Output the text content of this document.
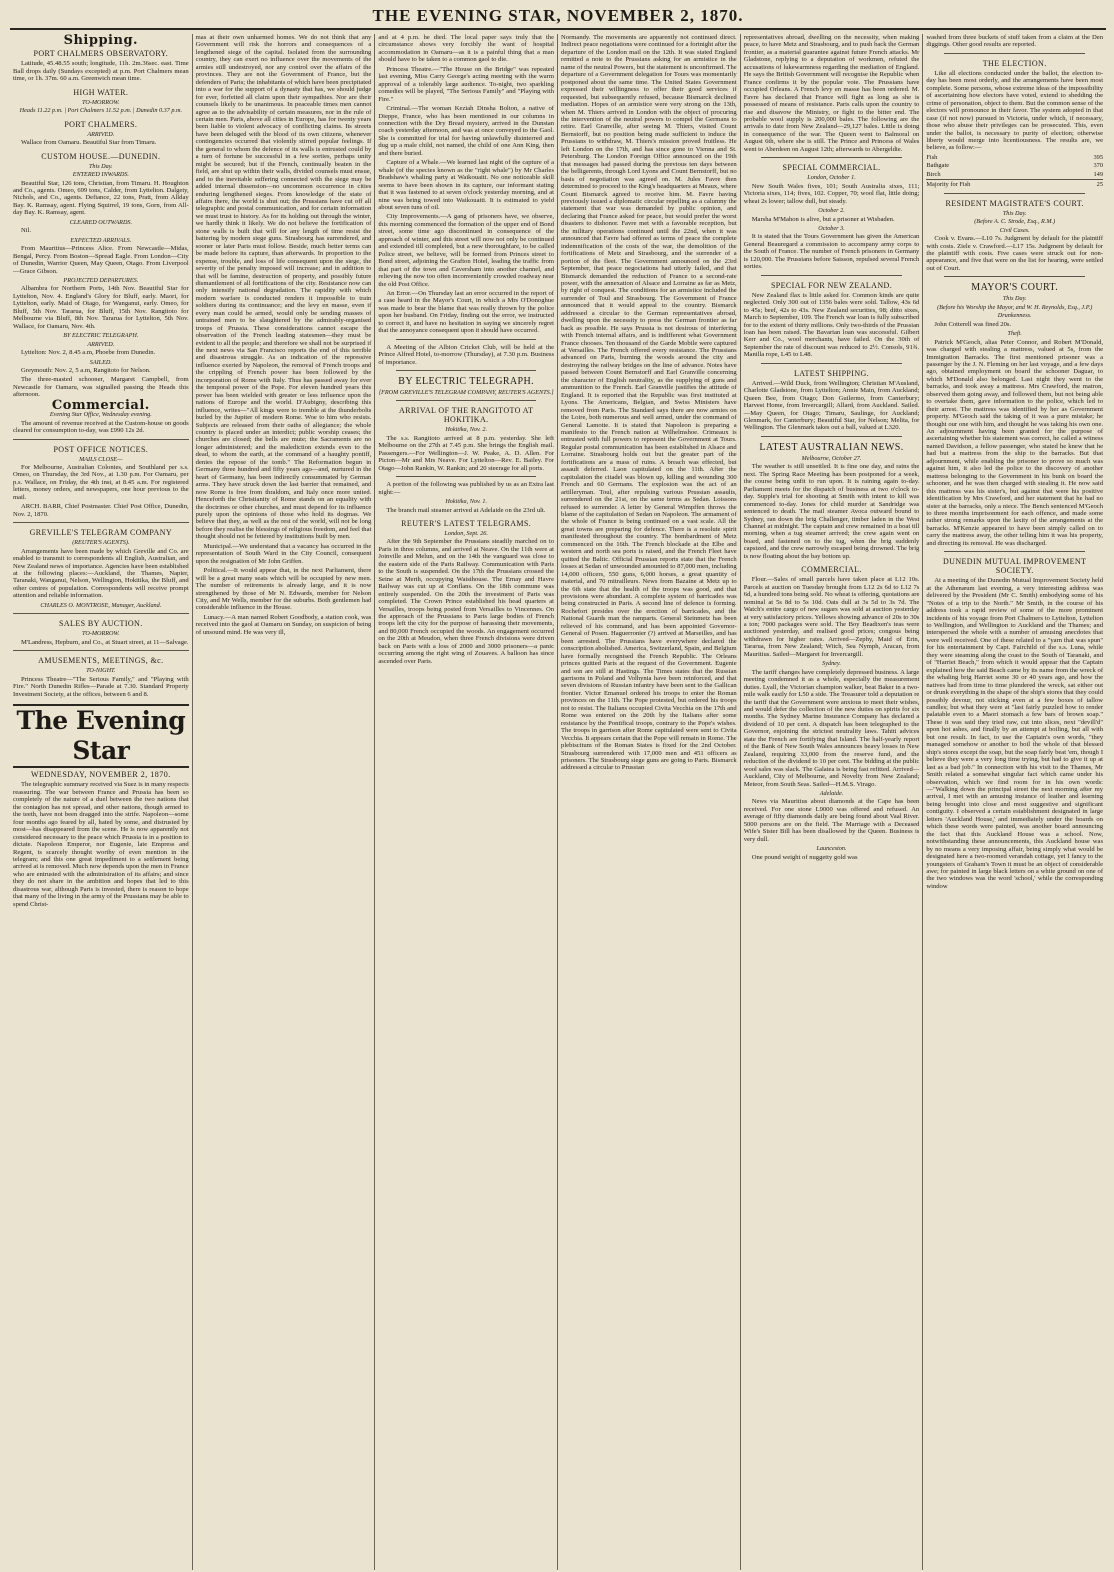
THE EVENING STAR, NOVEMBER 2, 1870.
Shipping.
PORT CHALMERS OBSERVATORY.

Latitude, 45.48.55 south; longitude, 11h. 2m.36sec. east. Time Ball drops daily (Sundays excepted) at p.m. Port Chalmers mean time, or 1h. 37m. 60 a.m. Greenwich mean time.

HIGH WATER.
TO-MORROW.
Heads 11.22 p.m. | Port Chalmers 11.52 p.m. | Dunedin 0.37 p.m.
PORT CHALMERS.
ARRIVED.

Wallace from Oamaru. Beautiful Star from Timaru.

CUSTOM HOUSE.—DUNEDIN.
This Day.
ENTERED INWARDS.

Beautiful Star, 126 tons, Christian, from Timaru. H. Houghton and Co., agents. Omeo, 699 tons, Calder, from Lyttelton. Dalgety, Nichols, and Co., agents. Defiance, 22 tons, Pratt, from Allday Bay. K. Ramsay, agent. Flying Squirrel, 19 tons, Gorn, from All-day Bay. K. Ramsay, agent.

CLEARED OUTWARDS.

Nil.

EXPECTED ARRIVALS.

From Mauritius—Princess Alice. From Newcastle—Midas, Bengal, Percy. From Boston—Spread Eagle. From London—City of Dunedin, Warrior Queen, May Queen, Otago. From Liverpool—Grace Gibson.

PROJECTED DEPARTURES.

Albambra for Northern Ports, 14th Nov. Beautiful Star for Lyttelton, Nov. 4. England's Glory for Bluff, early. Maori, for Lyttelton, early. Maid of Otago, for Wanganui, early. Omeo, for Bluff, 5th Nov. Tararua, for Bluff, 15th Nov. Rangitoto for Melbourne via Bluff, 8th Nov. Tararua for Lyttelton, 5th Nov. Wallace, for Oamaru, Nov. 4th.

BY ELECTRIC TELEGRAPH.
ARRIVED.

Lyttelton: Nov. 2, 8.45 a.m, Phoebe from Dunedin.

SAILED.

Greymouth: Nov. 2, 5 a.m, Rangitoto for Nelson.

The three-masted schooner, Margaret Campbell, from Newcastle for Oamaru, was signalled passing the Heads this afternoon.

Commercial.
Evening Star Office, Wednesday evening.

The amount of revenue received at the Custom-house on goods cleared for consumption to-day, was £990 12s 2d.

POST OFFICE NOTICES.
MAILS CLOSE—

For Melbourne, Australian Colonies, and Southland per s.s. Omeo, on Thursday, the 3rd Nov., at 1.30 p.m. For Oamaru, per p.s. Wallace, on Friday, the 4th inst, at 8.45 a.m. For registered letters, money orders, and newspapers, one hour previous to the mail.

ARCH. BARR, Chief Postmaster. Chief Post Office, Dunedin, Nov. 2, 1870.

GREVILLE'S TELEGRAM COMPANY
(REUTER'S AGENTS).

Arrangements have been made by which Greville and Co. are enabled to transmit to correspondents all English, Australian, and New Zealand news of importance. Agencies have been established at the following places:—Auckland, the Thames, Napier, Taranaki, Wanganui, Nelson, Wellington, Hokitika, the Bluff, and other centres of population. Correspondents will receive prompt attention and reliable information.

CHARLES O. MONTROSE, Manager, Auckland.
SALES BY AUCTION.
TO-MORROW.

M'Landress, Hepburn, and Co., at Stuart street, at 11—Salvage.

AMUSEMENTS, MEETINGS, &c.
TO-NIGHT.

Princess Theatre—"The Serious Family," and "Playing with Fire." North Dunedin Rifles—Parade at 7.30. Standard Property Investment Society, at the offices, between 6 and 8.

The Evening Star
WEDNESDAY, NOVEMBER 2, 1870.

The telegraphic summary received via Suez is in many respects reassuring. The war between France and Prussia has been so completely of the nature of a duel between the two nations that the contagion has not spread, and other nations, though armed to the teeth, have not been dragged into the strife. Napoleon—some four months ago feared by all, hated by some, and distrusted by most—has disappeared from the scene. He is now apparently not considered necessary to the peace which Prussia is in a position to dictate. Napoleon Emperor, nor Eugenie, late Empress and Regent, is scarcely thought worthy of even mention in the telegram; and this one great impediment to a settlement being arrived at is removed. Much now depends upon the men in France who are entrusted with the administration of its affairs; and since they do not share in the ambition and hopes that led to this disastrous war, although Paris is invested, there is reason to hope that many of the living in the army of the Prussians may be able to spend Christ-

mas at their own unharmed homes. We do not think that any Government will risk the horrors and consequences of a lengthened siege of the capital. Isolated from the surrounding country, they can exert no influence over the movements of the armies still undestroyed, nor any control over the affairs of the provinces. They are not the Government of France, but the defenders of Paris; the inhabitants of which have been precipitated into a war for the support of a dynasty that has, we should judge for ever, forfeited all claim upon their sympathies. Nor are their counsels likely to be unanimous. In peaceable times men cannot agree as to the advisability of certain measures, nor in the rule of certain men. Paris, above all cities in Europe, has for twenty years been liable to violent advocacy of conflicting claims. Its streets have been deluged with the blood of its own citizens, whenever contingencies occurred that violently stirred popular feelings. If the general to whom the defence of its walls is entrusted could by a turn of fortune be successful in a few sorties, perhaps unity might be secured; but if the French, continually beaten in the field, are shut up within their walls, divided counsels must ensue, and to the inevitable suffering connected with the siege may be added internal dissension—no uncommon occurrence in cities enduring lengthened sieges. From knowledge of the state of affairs there, the world is shut out; the Prussians have cut off all telegraphic and postal communication, and for certain information we must trust to history. As for its holding out through the winter, we hardly think it likely. We do not believe the fortification of stone walls is built that will for any length of time resist the battering by modern siege guns. Strasbourg has surrendered, and sooner or later Paris must follow. Beside, much better terms can be made before its capture, than afterwards. In proportion to the expense, trouble, and loss of life consequent upon the siege, the severity of the penalty imposed will increase; and in addition to that will be famine, destruction of property, and possibly future dismantlement of all fortifications of the city. Resistance now can only intensify national degradation. The rapidity with which modern warfare is conducted renders it impossible to train soldiers during its continuance; and the levy en masse, even if every man could be armed, would only be sending masses of untrained men to be slaughtered by the admirably-organised troops of Prussia. These considerations cannot escape the observation of the French leading statesmen—they must be evident to all the people; and therefore we shall not be surprised if the next news via San Francisco reports the end of this terrible and disastrous struggle. As an indication of the repressive influence exerted by Napoleon, the removal of French troops and the crippling of French power has been followed by the incorporation of Rome with Italy. Thus has passed away for ever the temporal power of the Pope. For eleven hundred years this power has been wielded with greater or less influence upon the nations of Europe and the world. D'Aubigny, describing this influence, writes—"All kings were to tremble at the thunderbolts hurled by the Jupiter of modern Rome. Woe to him who resists. Subjects are released from their oaths of allegiance; the whole country is placed under an interdict; public worship ceases; the churches are closed; the bells are mute; the Sacraments are no longer administered; and the malediction extends even to the dead, to whom the earth, at the command of a haughty pontiff, denies the repose of the tomb." The Reformation begun in Germany three hundred and fifty years ago—and, nurtured in the heart of Germany, has been indirectly consummated by German arms. They have struck down the last barrier that remained, and now Rome is free from thraldom, and Italy once more united. Henceforth the Christianity of Rome stands on an equality with the doctrines or other churches, and must depend for its influence purely upon the opinions of those who hold its dogmas. We believe that they, as well as the rest of the world, will not be long before they realise the blessings of religious freedom, and feel that thought should not be fettered by institutions built by men.

Municipal.—We understand that a vacancy has occurred in the representation of South Ward in the City Council, consequent upon the resignation of Mr John Griffen.

Political.—It would appear that, in the next Parliament, there will be a great many seats which will be occupied by new men. The number of retirements is already large, and it is now strengthened by those of Mr N. Edwards, member for Nelson City, and Mr Wells, member for the suburbs. Both gentlemen had considerable influence in the House.

Lunacy.—A man named Robert Goodbody, a station cook, was received into the gaol at Oamaru on Sunday, on suspicion of being of unsound mind. He was very ill,

and at 4 p.m. he died. The local paper says truly that the circumstance shows very forcibly the want of hospital accommodation in Oamaru—as it is a painful thing that a man should have to be taken to a common gaol to die.

Princess Theatre.—"The House on the Bridge" was repeated last evening, Miss Carry George's acting meeting with the warm approval of a tolerably large audience. To-night, two sparkling comedies will be played, "The Serious Family" and "Playing with Fire."

Criminal.—The woman Keziah Dinsha Bolton, a native of Dieppe, France, who has been mentioned in our columns in connection with the Dry Bread mystery, arrived in the Dunstan coach yesterday afternoon, and was at once conveyed to the Gaol. She is committed for trial for having unlawfully disinterred and dug up a male child, not named, the child of one Ann King, then and there buried.

Capture of a Whale.—We learned last night of the capture of a whale (of the species known as the "right whale") by Mr Charles Bradshaw's whaling party at Waikouaiti. No one noticeable skill seems to have been shown in its capture, our informant stating that it was fastened to at seven o'clock yesterday morning, and at nine was being towed into Waikouaiti. It is estimated to yield about seven tuns of oil.

City Improvements.—A gang of prisoners have, we observe, this morning commenced the formation of the upper end of Bond street, some time ago discontinued in consequence of the approach of winter, and this street will now not only be continued and extended till completed, but a new thoroughfare, to be called Police street, we believe, will be formed from Princes street to Bond street, adjoining the Grafton Hotel, leading the traffic from that part of the town and Caversham into another channel, and relieving the now too often inconveniently crowded roadway near the old Post Office.

An Error.—On Thursday last an error occurred in the report of a case heard in the Mayor's Court, in which a Mrs O'Donoghue was made to bear the blame that was really thrown by the police upon her husband. On Friday, finding out the error, we instructed to correct it, and have no hesitation in saying we sincerely regret that the annoyance consequent upon it should have occurred.

A Meeting of the Albion Cricket Club, will be held at the Prince Alfred Hotel, to-morrow (Thursday), at 7.30 p.m. Business of importance.

BY ELECTRIC TELEGRAPH.
[FROM GREVILLE'S TELEGRAM COMPANY, REUTER'S AGENTS.]
ARRIVAL OF THE RANGITOTO AT HOKITIKA.
Hokitika, Nov. 2.

The s.s. Rangitoto arrived at 8 p.m. yesterday. She left Melbourne on the 27th at 7.45 p.m. She brings the English mail. Passengers.—For Wellington—J. W. Peake, A. D. Allen. For Picton—Mr and Mrs Neave. For Lyttelton—Rev. E. Bailey. For Otago—John Rankin, W. Rankin; and 20 steerage for all ports.

A portion of the following was published by us as an Extra last night:—

Hokitika, Nov. 1.

The branch mail steamer arrived at Adelaide on the 23rd ult.

REUTER'S LATEST TELEGRAMS.
London, Sept. 26.

After the 9th September the Prussians steadily marched on to Paris in three columns, and arrived at Neave. On the 11th were at Joinville and Melun, and on the 14th the vanguard was close to the eastern side of the Paris Railway. Communication with Paris to the South is suspended. On the 17th the Prussians crossed the Seine at Merth, occupying Waisthouse. The Ernay and Havre Railway was cut up at Conflans. On the 18th commune was entirely suspended. On the 20th the investment of Paris was completed. The Crown Prince established his head quarters at Versailles, troops being posted from Versailles to Vincennes. On the approach of the Prussians to Paris large bodies of French troops left the city for the purpose of harassing their movements, and 80,000 French occupied the woods. An engagement occurred on the 20th at Meudon, when three French divisions were driven back on Paris with a loss of 2000 and 3000 prisoners—a panic occurring among the right wing of Zouaves. A balloon has since ascended over Paris.

Normandy. The movements are apparently not continued direct. Indirect peace negotiations were continued for a fortnight after the departure of the London mail on the 12th. It was stated England remitted a note to the Prussians asking for an armistice in the name of the neutral Powers, but the statement is unconfirmed. The departure of a Government delegation for Tours was momentarily postponed about the same time. The United States Government expressed their willingness to offer their good services if requested, but subsequently refused, because Bismarck declined mediation. Hopes of an armistice were very strong on the 13th, when M. Thiers arrived in London with the object of procuring the intervention of the neutral powers to compel the Germans to retire. Earl Granville, after seeing M. Thiers, visited Count Bernstorff, but no position being made sufficient to induce the Prussians to withdraw, M. Thiers's mission proved fruitless. He left London on the 17th, and has since gone to Vienna and St. Petersburg. The London Foreign Office announced on the 19th that messages had passed during the previous ten days between the belligerents, through Lord Lyons and Count Bernstorff, but no basis of negotiation was agreed on. M. Jules Favre then determined to proceed to the King's headquarters at Meaux, where Count Bismarck agreed to receive him. M. Favre having previously issued a diplomatic circular repelling as a calumny the statement that war was demanded by public opinion, and declaring that France asked for peace, but would prefer the worst disasters to dishonor. Favre met with a favorable reception, but the military operations continued until the 22nd, when it was announced that Favre had offered as terms of peace the complete indemnification of the costs of the war, the demolition of the fortifications of Metz and Strasbourg, and the surrender of a portion of the fleet. The Government announced on the 23rd September, that peace negociations had utterly failed, and that Bismarck demanded the reduction of France to a second-rate power, with the annexation of Alsace and Lorraine as far as Metz, by right of conquest. The conditions for an armistice included the surrender of Toul and Strasbourg. The Government of France announced that it would appeal to the country. Bismarck addressed a circular to the German representatives abroad, dwelling upon the necessity to press the German frontier as far back as possible. He says Prussia is not desirous of interfering with French internal affairs, and is indifferent what Government France chooses. Ten thousand of the Garde Mobile were captured at Versailles. The French offered every resistance. The Prussians advanced on Paris, burning the woods around the city and destroying the railway bridges on the line of advance. Notes have passed between Count Bernstorff and Earl Granville concerning the character of English neutrality, as the supplying of guns and ammunition to the French. Earl Granville justifies the attitude of England. It is reported that the Republic was first instituted at Lyons. The Americans, Belgian, and Swiss Ministers have removed from Paris. The Standard says there are now armies on the Loire, both numerous and well armed, under the command of General Lamotte. It is stated that Napoleon is preparing a manifesto to the French nation at Wilhelmshoe. Crimeaux is entrusted with full powers to represent the Government at Tours. Regular postal communication has been established in Alsace and Lorraine. Strasbourg holds out but the greater part of the fortifications are a mass of ruins. A breach was effected, but assault deferred. Laon capitulated on the 11th. After the capitulation the citadel was blown up, killing and wounding 300 French and 60 Germans. The explosion was the act of an artilleryman. Toul, after repulsing various Prussian assaults, surrendered on the 21st, on the same terms as Sedan. Loissons refused to surrender. A letter by General Wimpffen throws the blame of the capitulation of Sedan on Napoleon. The armament of the whole of France is being continued on a vast scale. All the great towns are preparing for defence. There is a resolute spirit manifested throughout the country. The bombardment of Metz commenced on the 16th. The French blockade at the Elbe and western and north sea ports is raised, and the French Fleet have quitted the Baltic. Official Prussian reports state that the French losses at Sedan of unwounded amounted to 87,000 men, including 14,000 officers, 550 guns, 6,000 horses, a great quantity of material, and 70 mitrailleurs. News from Bazaine at Metz up to the 6th state that the health of the troops was good, and that provisions were abundant. A complete system of barricades was being constructed in Paris. A second line of defence is forming. Rochefort presides over the erection of barricades, and the National Guards man the ramparts. General Steinmetz has been relieved of his command, and has been appointed Governor-General of Posen. Haguerronier (?) arrived at Marseilles, and has been arrested. The Prussians have everywhere declared the conscription abolished. America, Switzerland, Spain, and Belgium have formally recognised the French Republic. The Orleans princes quitted Paris at the request of the Government. Eugenie and son are still at Hastings. The Times states that the Russian garrisons in Poland and Volhynia have been reinforced, and that seven divisions of Russian infantry have been sent to the Gallican frontier. Victor Emanuel ordered his troops to enter the Roman provinces on the 11th. The Pope protested, but ordered his troops not to resist. The Italians occupied Civita Vecchia on the 17th and Rome was entered on the 20th by the Italians after some resistance by the Pontifical troops, contrary to the Pope's wishes. The troops in garrison after Rome capitulated were sent to Civita Vecchia. It appears certain that the Pope will remain in Rome. The plebiscitum of the Roman States is fixed for the 2nd October. Strasbourg surrendered with 17,000 men and 451 officers as prisoners. The Strasbourg siege guns are going to Paris. Bismarck addressed a circular to Prussian

representatives abroad, dwelling on the necessity, when making peace, to have Metz and Strasbourg, and to push back the German frontier, as a material guarantee against future French attacks. Mr Gladstone, replying to a deputation of workmen, refuted the accusations of lukewarmness regarding the mediation of England. He says the British Government will recognise the Republic when France confirms it by the popular vote. The Prussians have occupied Orleans. A French levy en masse has been ordered. M. Favre has declared that France will fight as long as she is possessed of means of resistance. Paris calls upon the country to rise and disavow the Ministry, or fight to the bitter end. The probable wool supply is 200,000 bales. The following are the arrivals to date from New Zealand—29,127 bales. Little is doing in consequence of the war. The Queen went to Balmoral on August 6th, where she is still. The Prince and Princess of Wales went to Aberdeen on August 12th; afterwards to Abergeldie.

SPECIAL COMMERCIAL.
London, October 1.

New South Wales fives, 101; South Australia sixes, 111; Victoria sixes, 114; fives, 102. Copper, 70; wool flat, little doing; wheat 2s lower; tallow dull, but steady.

October 2.

Marsha M'Mahon is alive, but a prisoner at Wisbaden.

October 3.

It is stated that the Tours Government has given the American General Beauregard a commission to accompany army corps to the South of France. The number of French prisoners in Germany is 120,000. The Prussians before Saisson, repulsed several French sorties.

SPECIAL FOR NEW ZEALAND.

New Zealand flax is little asked for. Common kinds are quite neglected. Only 300 out of 1356 bales were sold. Tallow, 43s 6d to 45s; beef, 42s to 43s. New Zealand securities, 98; ditto sixes, March to September, 109. The French war loan is fully subscribed for to the extent of thirty millions. Only two-thirds of the Prussian loan has been raised. The Bavarian loan was successful. Gilbert Kerr and Co., wool merchants, have failed. On the 30th of September the rate of discount was reduced to 2½. Consols, 91¾. Manilla rope, L45 to L48.

LATEST SHIPPING.

Arrived.—Wild Duck, from Wellington; Christian M'Ausland, Charlotte Gladstone, from Lyttelton; Annie Main, from Auckland; Queen Bee, from Otago; Don Guilermo, from Canterbury; Harvest Home, from Invercargill; Allard, from Auckland. Sailed.—May Queen, for Otago; Timaru, Saulinge, for Auckland; Glenmark, for Canterbury; Beautiful Star, for Nelson; Melita, for Wellington. The Glenmark takes out a ball, valued at L320.

LATEST AUSTRALIAN NEWS.
Melbourne, October 27.

The weather is still unsettled. It is fine one day, and rains the next. The Spring Race Meeting has been postponed for a week, the course being unfit to run upon. It is raining again to-day. Parliament meets for the dispatch of business at two o'clock to-day. Supple's trial for shooting at Smith with intent to kill was commenced to-day. Jones for child murder at Sandridge was sentenced to death. The mail steamer Avoca outward bound to Sydney, ran down the brig Challenger, timber laden in the West Channel at midnight. The captain and crew remained in a boat till morning, when a tug steamer arrived; the crew again went on board, and fastened on to the tug, when the brig suddenly capsized, and the crew narrowly escaped being drowned. The brig is now floating about the bay bottom up.

COMMERCIAL.

Flour.—Sales of small parcels have taken place at L12 10s. Parcels at auction on Tuesday brought from L12 2s 6d to L12 7s 6d, a hundred tons being sold. No wheat is offering, quotations are nominal at 5s 8d to 5s 10d. Oats dull at 3s 5d to 3s 7d. The Watch's entire cargo of new sugars was sold at auction yesterday at very satisfactory prices. Yellows showing advance of 20s to 30s a ton; 7000 packages were sold. The Boy Beadixen's teas were auctioned yesterday, and realised good prices; congous being withdrawn for higher rates. Arrived—Zephy, Maid of Erin, Tararua, from New Zealand; Witch, Sea Nymph, Aracan, from Mauritius. Sailed—Margaret for Invercargill.

Sydney.

The tariff changes have completely depressed business. A large meeting condemned it as a whole, especially the measurement duties. Lyall, the Victorian champion walker, beat Baker in a two-mile walk easily for L50 a side. The Treasurer told a deputation re the tariff that the Government were anxious to meet their wishes, and would defer the collection of the new duties on spirits for six months. The Sydney Marine Insurance Company has declared a dividend of 10 per cent. A dispatch has been telegraphed to the Governor, enjoining the strictest neutrality laws. Tahiti advices state the French are fortifying that Island. The half-yearly report of the Bank of New South Wales announces heavy losses in New Zealand, requiring 33,000 from the reserve fund, and the reduction of the dividend to 10 per cent. The bidding at the public wool sales was slack. The Galatea is being fast refitted. Arrived—Auckland, City of Melbourne, and Novelty from New Zealand; Meteor, from South Seas. Sailed—H.M.S. Virago.

Adelaide.

News via Mauritius about diamonds at the Cape has been received. For one stone L9000 was offered and refused. An average of fifty diamonds daily are being found about Vaal River. 5000 persons are on the field. The Marriage with a Deceased Wife's Sister Bill has been disallowed by the Queen. Business is very dull.

Launceston.

One pound weight of nuggetty gold was

washed from three buckets of stuff taken from a claim at the Den diggings. Other good results are reported.

THE ELECTION.

Like all elections conducted under the ballot, the election to-day has been most orderly, and the arrangements have been most complete. Some persons, whose extreme ideas of the impossibility of ascertaining how electors have voted, extend to shedding the crime of personation, object to them. But the common sense of the electors will pronounce in their favor. The system adopted in that case (if not now) pursued in Victoria, under which, if necessary, those who abuse their privileges can be prosecuted. This, even under the ballot, is necessary to purity of election; otherwise liberty would merge into licentiousness. The results are, we believe, as follow:—

Fish	395
Bathgate	370
Birch	149
Majority for Fish	25
RESIDENT MAGISTRATE'S COURT.
This Day.
(Before A. C. Strode, Esq., R.M.)
Civil Cases.

Cook v. Evans.—L10 7s. Judgment by default for the plaintiff with costs. Ziele v. Crawford.—L17 15s. Judgment by default for the plaintiff with costs. Five cases were struck out for non-appearance, and five that were on the list for hearing, were settled out of Court.

MAYOR'S COURT.
This Day.
(Before his Worship the Mayor, and W. H. Reynolds, Esq., J.P.)
Drunkenness.

John Cotterell was fined 20s.

Theft.

Patrick M'Geoch, alias Peter Connor, and Robert M'Donald, was charged with stealing a mattress, valued at 5s, from the Immigration Barracks. The first mentioned prisoner was a passenger by the J. N. Fleming on her last voyage, and a few days ago, obtained employment on board the schooner Daguar, to which M'Donald also belonged. Last night they went to the barracks, and took away a mattress. Mrs Crawford, the matron, observed them going away, and followed them, but not being able to overtake them, gave information to the police, which led to their arrest. The mattress was identified by her as Government property. M'Geoch said the taking of it was a pure mistake; he thought our one with him, and thought he was taking his own one. An adjournment having been granted for the purpose of ascertaining whether his statement was correct, he called a witness named Davidson, a fellow passenger, who stated he knew that he had but a mattress from the ship to the barracks. But that adjournment, while enabling the prisoner to prove so much was against him, it also led the police to the discovery of another mattress belonging to the Government in his bunk on board the schooner, and he was then charged with stealing it. He now said this mattress was his sister's, but against that were his positive identification by Mrs Crawford, and her statement that he had no sister at the barracks, only a niece. The Bench sentenced M'Geoch to three months imprisonment for each offence, and made some rather strong remarks upon the laxity of the arrangements at the barracks. M'Kenzie appeared to have been simply called on to carry the mattress away, the other telling him it was his property, and directing its removal. He was discharged.

DUNEDIN MUTUAL IMPROVEMENT SOCIETY.

At a meeting of the Dunedin Mutual Improvement Society held at the Athenæum last evening, a very interesting address was delivered by the President (Mr C. Smith) embodying some of his "Notes of a trip to the North." Mr Smith, in the course of his address took a rapid review of some of the more prominent incidents of his voyage from Port Chalmers to Lyttelton, Lyttelton to Wellington, and Wellington to Auckland and the Thames; and interspersed the whole with a number of amusing anecdotes that were well received. One of these related to a "yarn that was spun" for his entertainment by Capt. Fairchild of the s.s. Luna, while they were steaming along the coast to the South of Taranaki, and of "Harriet Beach," from which it would appear that the Captain explained how the said Beach came by its name from the wreck of the whaling brig Harriet some 30 or 40 years ago, and how the natives had from time to time plundered the wreck, sat either out or drunk everything in the shape of the ship's stores that they could possibly devour, not sticking even at a few boxes of tallow candles; but what they were at "last fairly puzzled how to render palatable even to a Maori stomach a few bars of brown soap." These it was said they tried raw, cut into slices, next "devill'd" upon hot ashes, and finally by an attempt at boiling, but all with but one result. In fact, to use the Captain's own words, "they managed somehow or another to boil the whole of that blessed ship's stores except the soap, but the soap fairly beat 'em, though I believe they were a very long time trying, but had to give it up at last as a bad job." In connection with his visit to the Thames, Mr Smith related a somewhat singular fact which came under his observation, which we find room for in his own words:—"Walking down the principal street the next morning after my arrival, I met with an amusing instance of leather and learning being brought into close and most suggestive and significant contiguity. I observed a certain establishment designated in large letters 'Auckland House,' and immediately under the boards on which these words were painted, was another board announcing the fact that this Auckland House was a school. Now, notwithstanding these announcements, this Auckland house was by no means a very imposing affair, being simply what would be designated here a two-roomed verandah cottage, yet I fancy to the youngsters of Graham's Town it must be an object of considerable awe; for painted in large black letters on a white ground on one of the two windows was the word 'school,' while the corresponding window
